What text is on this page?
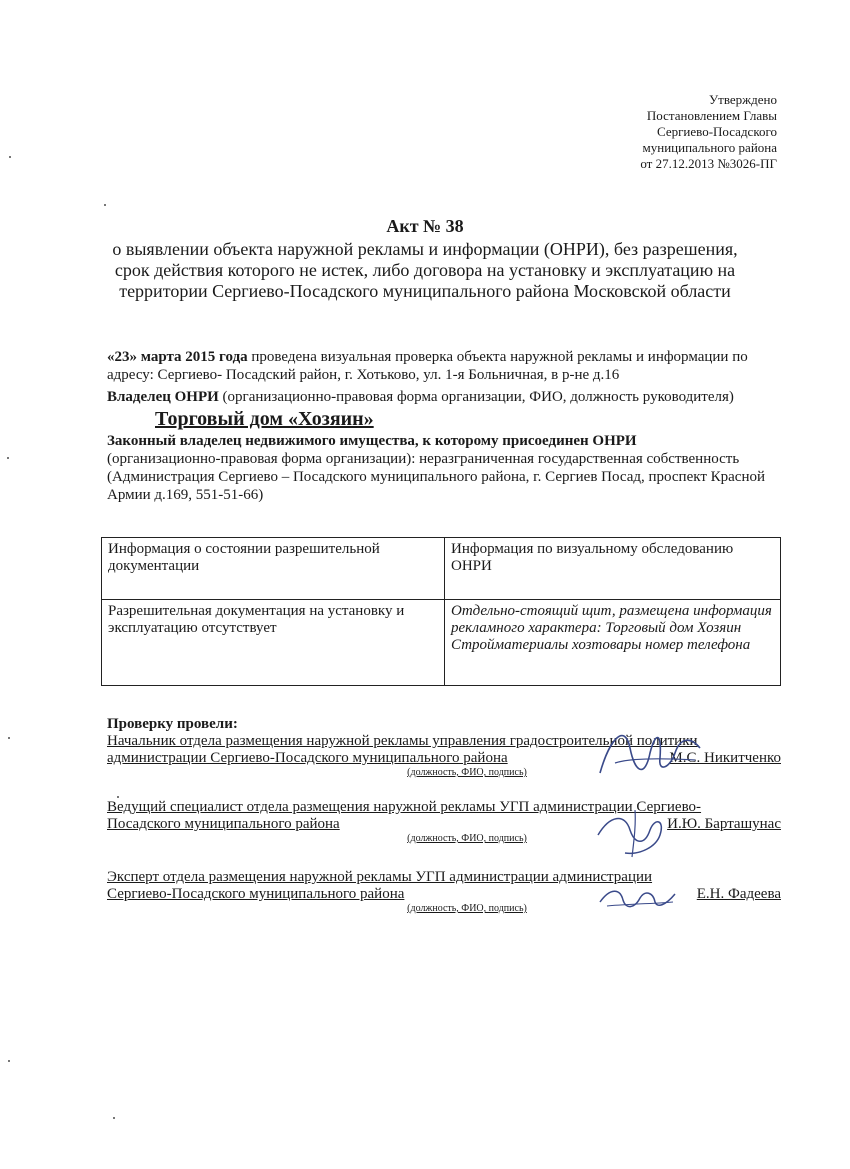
Утверждено
Постановлением Главы
Сергиево-Посадского
муниципального района
от 27.12.2013 №3026-ПГ
Акт № 38
о выявлении объекта наружной рекламы и информации (ОНРИ), без разрешения, срок действия которого не истек, либо договора на установку и эксплуатацию на территории Сергиево-Посадского муниципального района Московской области
«23» марта 2015 года проведена визуальная проверка объекта наружной рекламы и информации по адресу: Сергиево- Посадский район, г. Хотьково, ул. 1-я Больничная, в р-не д.16
Владелец ОНРИ (организационно-правовая форма организации, ФИО, должность руководителя) Торговый дом «Хозяин»
Законный владелец недвижимого имущества, к которому присоединен ОНРИ
(организационно-правовая форма организации): неразграниченная государственная собственность (Администрация Сергиево – Посадского муниципального района, г. Сергиев Посад, проспект Красной Армии д.169, 551-51-66)
Информация о состоянии разрешительной документации	Информация по визуальному обследованию ОНРИ
Разрешительная документация на установку и эксплуатацию отсутствует	Отдельно-стоящий щит, размещена информация рекламного характера: Торговый дом Хозяин Стройматериалы хозтовары номер телефона
Проверку провели:
Начальник отдела размещения наружной рекламы управления градостроительной политики
администрации Сергиево-Посадского муниципального района	М.С. Никитченко
(должность, ФИО, подпись)
Ведущий специалист отдела размещения наружной рекламы УГП администрации Сергиево-
Посадского муниципального района	И.Ю. Барташунас
(должность, ФИО, подпись)
Эксперт отдела размещения наружной рекламы УГП администрации администрации
Сергиево-Посадского муниципального района	Е.Н. Фадеева
(должность, ФИО, подпись)
